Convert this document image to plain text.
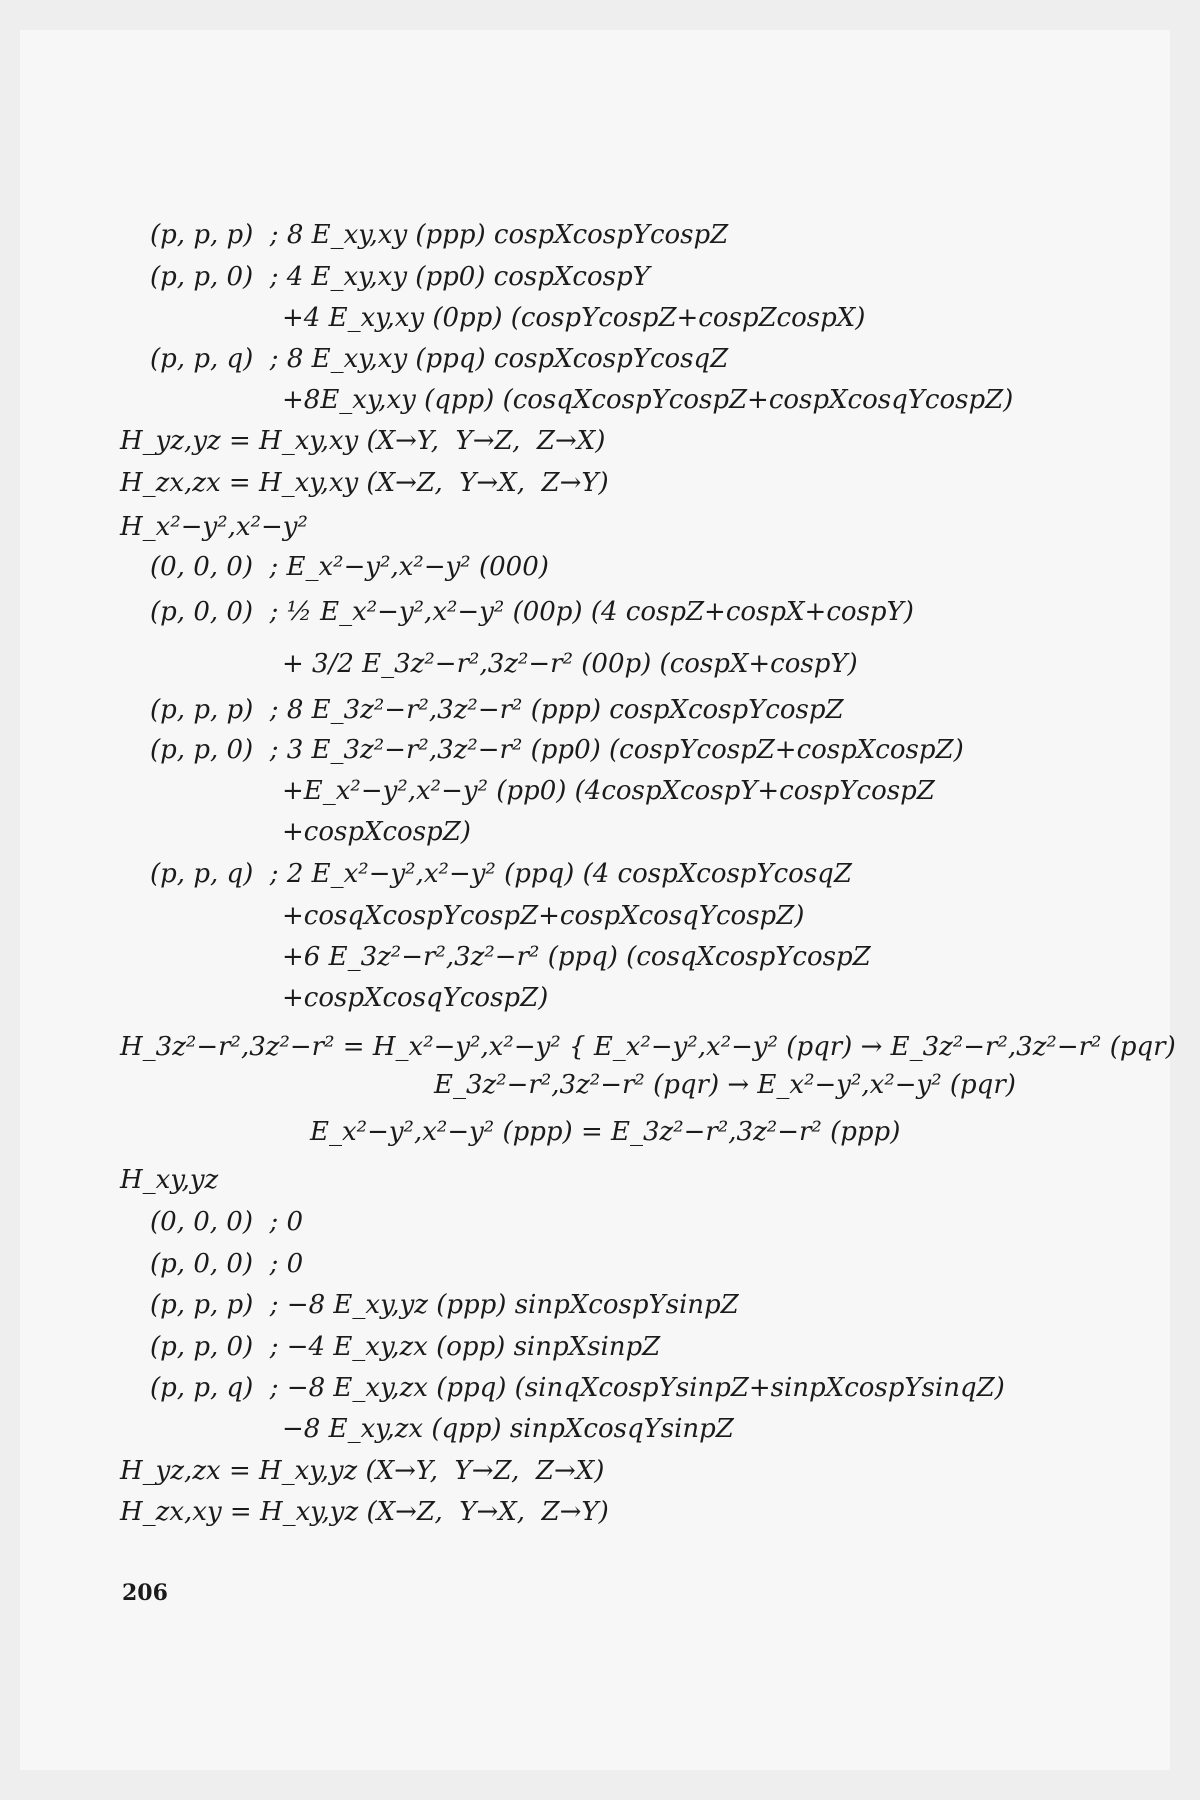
(p, p, p)  ; 8 E_xy,xy (ppp) cospXcospYcospZ
(p, p, 0)  ; 4 E_xy,xy (pp0) cospXcospY
+4 E_xy,xy (0pp) (cospYcospZ+cospZcospX)
(p, p, q)  ; 8 E_xy,xy (ppq) cospXcospYcosqZ
+8E_xy,xy (qpp) (cosqXcospYcospZ+cospXcosqYcospZ)
H_yz,yz = H_xy,xy (X→Y,  Y→Z,  Z→X)
H_zx,zx = H_xy,xy (X→Z,  Y→X,  Z→Y)
H_x²−y²,x²−y²
(0, 0, 0)  ; E_x²−y²,x²−y² (000)
(p, 0, 0)  ; ½ E_x²−y²,x²−y² (00p) (4 cospZ+cospX+cospY)
+ 3/2 E_3z²−r²,3z²−r² (00p) (cospX+cospY)
(p, p, p)  ; 8 E_3z²−r²,3z²−r² (ppp) cospXcospYcospZ
(p, p, 0)  ; 3 E_3z²−r²,3z²−r² (pp0) (cospYcospZ+cospXcospZ)
+E_x²−y²,x²−y² (pp0) (4cospXcospY+cospYcospZ
+cospXcospZ)
(p, p, q)  ; 2 E_x²−y²,x²−y² (ppq) (4 cospXcospYcosqZ
+cosqXcospYcospZ+cospXcosqYcospZ)
+6 E_3z²−r²,3z²−r² (ppq) (cosqXcospYcospZ
+cospXcosqYcospZ)
H_3z²−r²,3z²−r² = H_x²−y²,x²−y² { E_x²−y²,x²−y² (pqr) → E_3z²−r²,3z²−r² (pqr)
E_3z²−r²,3z²−r² (pqr) → E_x²−y²,x²−y² (pqr)
E_x²−y²,x²−y² (ppp) = E_3z²−r²,3z²−r² (ppp)
H_xy,yz
(0, 0, 0)  ; 0
(p, 0, 0)  ; 0
(p, p, p)  ; −8 E_xy,yz (ppp) sinpXcospYsinpZ
(p, p, 0)  ; −4 E_xy,zx (opp) sinpXsinpZ
(p, p, q)  ; −8 E_xy,zx (ppq) (sinqXcospYsinpZ+sinpXcospYsinqZ)
−8 E_xy,zx (qpp) sinpXcosqYsinpZ
H_yz,zx = H_xy,yz (X→Y,  Y→Z,  Z→X)
H_zx,xy = H_xy,yz (X→Z,  Y→X,  Z→Y)
206
